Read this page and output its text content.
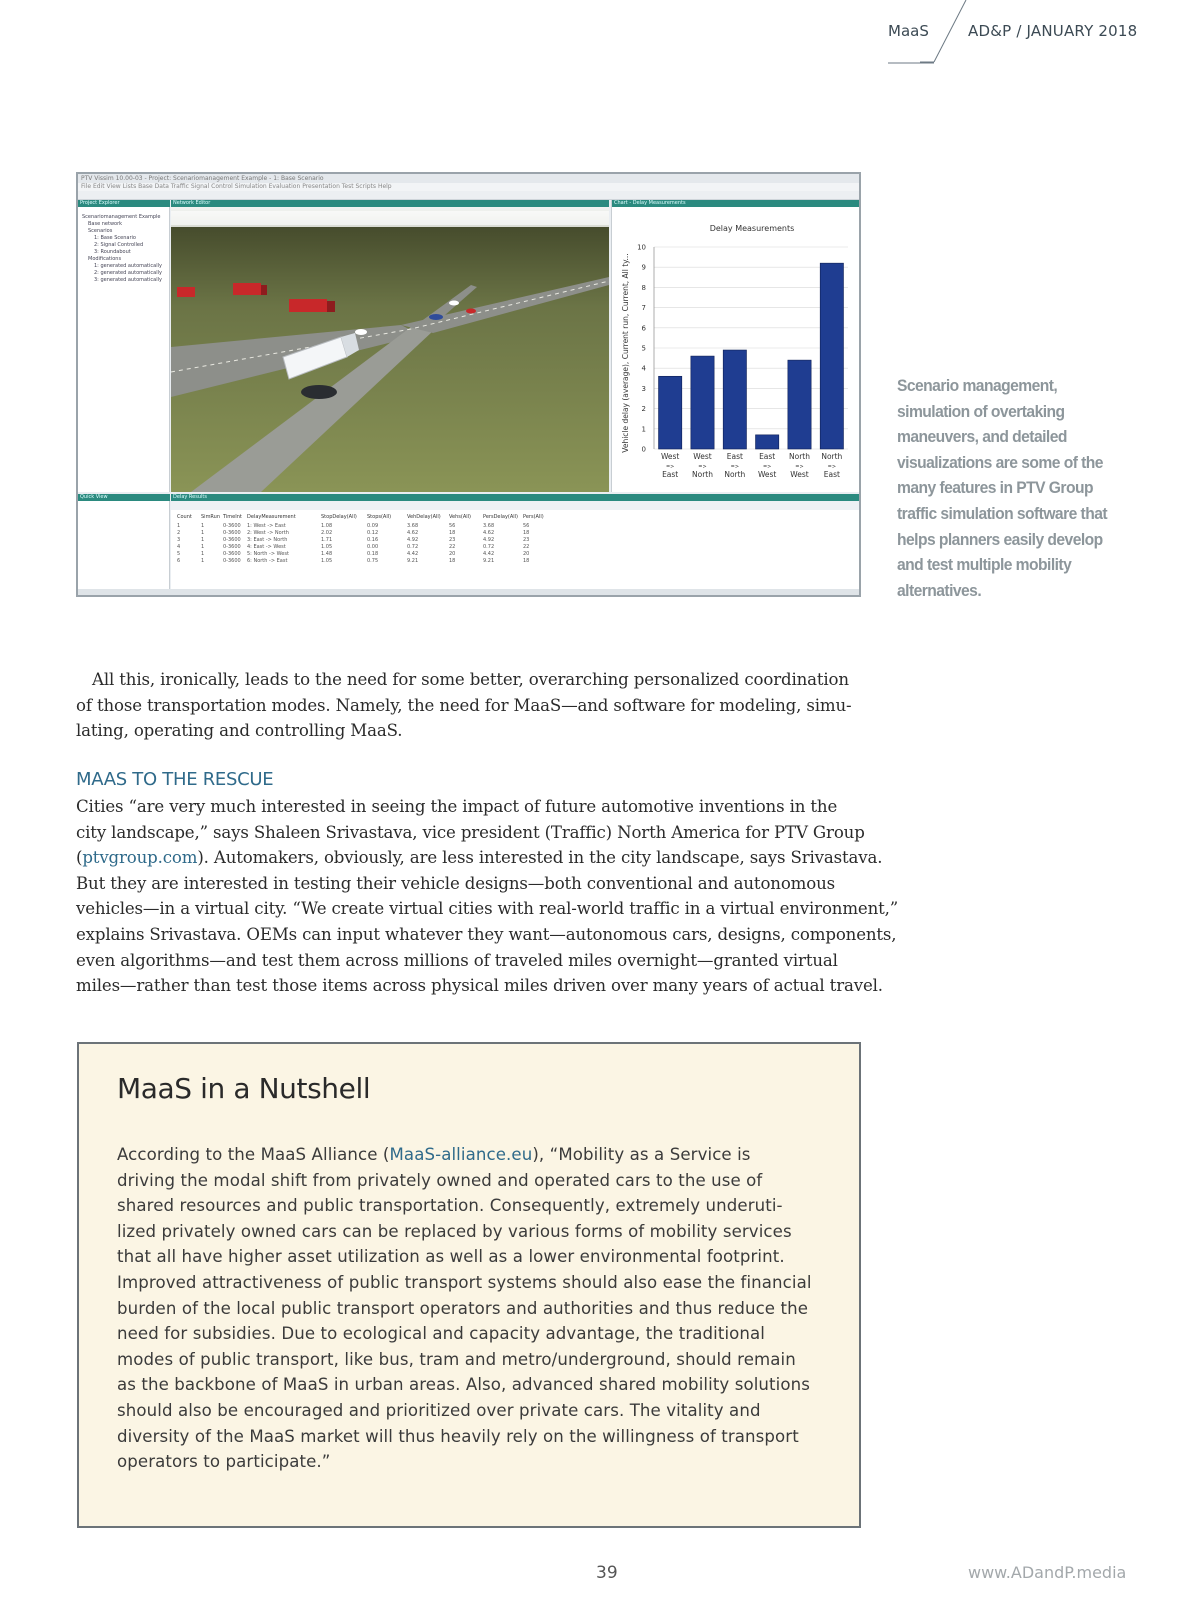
MaaS	AD&P / JANUARY 2018
PTV Vissim 10.00-03 - Project: Scenariomanagement Example - 1: Base Scenario
File Edit View Lists Base Data Traffic Signal Control Simulation Evaluation Presentation Test Scripts Help
Project Explorer
Scenariomanagement Example
Base network
Scenarios
1: Base Scenario
2: Signal Controlled
3: Roundabout
Modifications
1: generated automatically
2: generated automatically
3: generated automatically
Network Editor	Chart - Delay Measurements
Delay Measurements
Vehicle delay (average), Current run, Current, All ty... 0
1
2
3
4
5
6
7
8
9
10
West
=>
East
West
=>
North
East
=>
North
East
=>
West
North
=>
West
North
=>
East
Quick View	Delay Results
Count SimRun TimeInt DelayMeasurement	StopDelay(All) Stops(All)	VehDelay(All) Vehs(All) PersDelay(All) Pers(All)
1	1	0-3600 1: West -> East	1.08	0.09	3.68	56	3.68	56
2	1	0-3600 2: West -> North	2.02	0.12	4.62	18	4.62	18
3	1	0-3600 3: East -> North	1.71	0.16	4.92	23	4.92	23
4	1	0-3600 4: East -> West	1.05	0.00	0.72	22	0.72	22
5	1	0-3600 5: North -> West	1.48	0.18	4.42	20	4.42	20
6	1	0-3600 6: North -> East	1.05	0.75	9.21	18	9.21	18
Scenario management, simulation of overtaking maneuvers, and detailed visualizations are some of the many features in PTV Group traffic simulation software that helps planners easily develop and test multiple mobility alternatives.
All this, ironically, leads to the need for some better, overarching personalized coordination
of those transportation modes. Namely, the need for MaaS—and software for modeling, simu-
lating, operating and controlling MaaS.
MAAS TO THE RESCUE
Cities “are very much interested in seeing the impact of future automotive inventions in the
city landscape,” says Shaleen Srivastava, vice president (Traffic) North America for PTV Group
(ptvgroup.com). Automakers, obviously, are less interested in the city landscape, says Srivastava.
But they are interested in testing their vehicle designs—both conventional and autonomous
vehicles—in a virtual city. “We create virtual cities with real-world traffic in a virtual environment,”
explains Srivastava. OEMs can input whatever they want—autonomous cars, designs, components,
even algorithms—and test them across millions of traveled miles overnight—granted virtual
miles—rather than test those items across physical miles driven over many years of actual travel.
MaaS in a Nutshell
According to the MaaS Alliance (MaaS-alliance.eu), “Mobility as a Service is
driving the modal shift from privately owned and operated cars to the use of
shared resources and public transportation. Consequently, extremely underuti-
lized privately owned cars can be replaced by various forms of mobility services
that all have higher asset utilization as well as a lower environmental footprint.
Improved attractiveness of public transport systems should also ease the financial
burden of the local public transport operators and authorities and thus reduce the
need for subsidies. Due to ecological and capacity advantage, the traditional
modes of public transport, like bus, tram and metro/underground, should remain
as the backbone of MaaS in urban areas. Also, advanced shared mobility solutions
should also be encouraged and prioritized over private cars. The vitality and
diversity of the MaaS market will thus heavily rely on the willingness of transport
operators to participate.”
39	www.ADandP.media
